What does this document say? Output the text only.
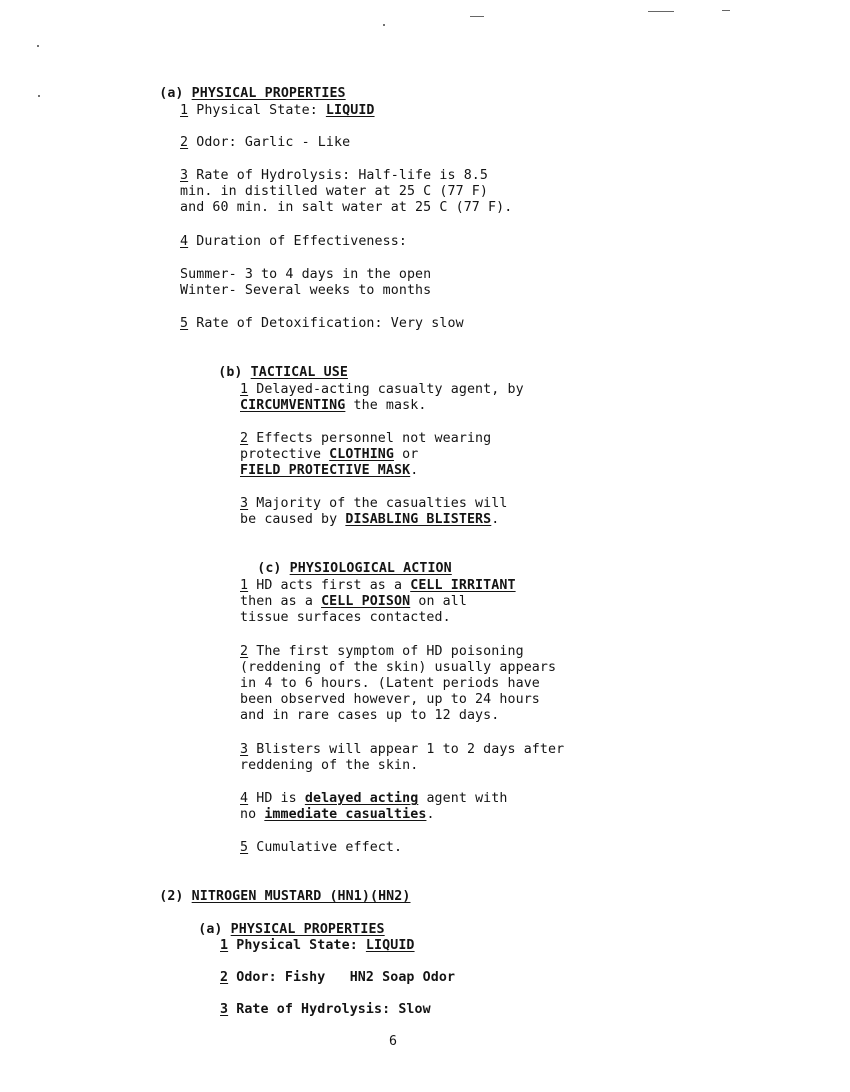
(a) PHYSICAL PROPERTIES

1 Physical State: LIQUID
2 Odor: Garlic - Like
3 Rate of Hydrolysis: Half-life is 8.5
min. in distilled water at 25 C (77 F)
and 60 min. in salt water at 25 C (77 F).
4 Duration of Effectiveness:
Summer- 3 to 4 days in the open
Winter- Several weeks to months
5 Rate of Detoxification: Very slow

(b) TACTICAL USE

1 Delayed-acting casualty agent, by
CIRCUMVENTING the mask.
2 Effects personnel not wearing
protective CLOTHING or
FIELD PROTECTIVE MASK.
3 Majority of the casualties will
be caused by DISABLING BLISTERS.

(c) PHYSIOLOGICAL ACTION

1 HD acts first as a CELL IRRITANT
then as a CELL POISON on all
tissue surfaces contacted.
2 The first symptom of HD poisoning
(reddening of the skin) usually appears
in 4 to 6 hours. (Latent periods have
been observed however, up to 24 hours
and in rare cases up to 12 days.
3 Blisters will appear 1 to 2 days after
reddening of the skin.
4 HD is delayed acting agent with
no immediate casualties.
5 Cumulative effect.

(2) NITROGEN MUSTARD (HN1)(HN2)

(a) PHYSICAL PROPERTIES

1 Physical State: LIQUID
2 Odor: Fishy   HN2 Soap Odor
3 Rate of Hydrolysis: Slow
6
